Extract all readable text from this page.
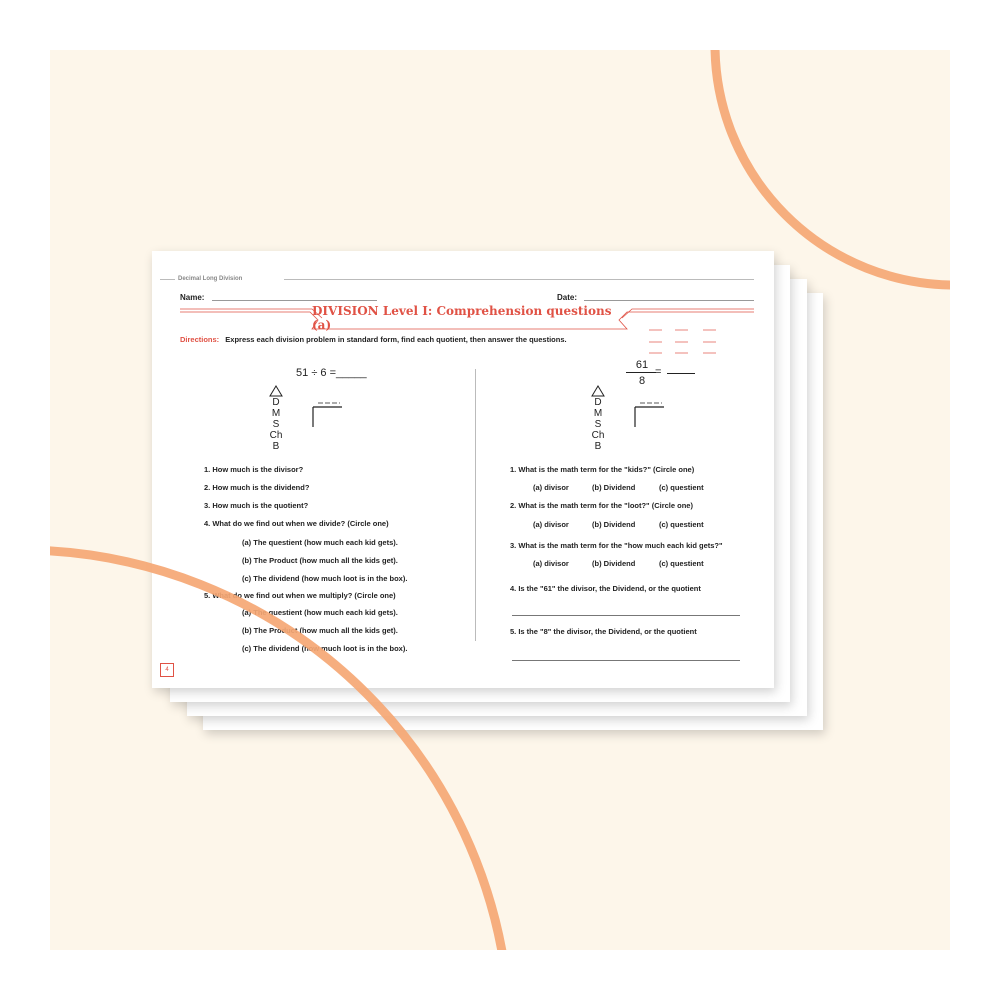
Decimal Long Division
Name:	Date:
DIVISION Level I: Comprehension questions (a)
Directions: Express each division problem in standard form, find each quotient, then answer the questions.
51 ÷ 6 =_____
D
M
S
Ch
B
1. How much is the divisor?
2. How much is the dividend?
3. How much is the quotient?
4. What do we find out when we divide? (Circle one)
(a) The questient (how much each kid gets).
(b) The Product (how much all the kids get).
(c) The dividend (how much loot is in the box).
5. What do we find out when we multiply? (Circle one)
(a) The questient (how much each kid gets).
(b) The Product (how much all the kids get).
(c) The dividend (how much loot is in the box).
61
8
=
D
M
S
Ch
B
1. What is the math term for the "kids?" (Circle one)
(a) divisor	(b) Dividend	(c) questient
2. What is the math term for the "loot?" (Circle one)
(a) divisor	(b) Dividend	(c) questient
3. What is the math term for the "how much each kid gets?"
(a) divisor	(b) Dividend	(c) questient
4. Is the "61" the divisor, the Dividend, or the quotient
5. Is the "8" the divisor, the Dividend, or the quotient
4
